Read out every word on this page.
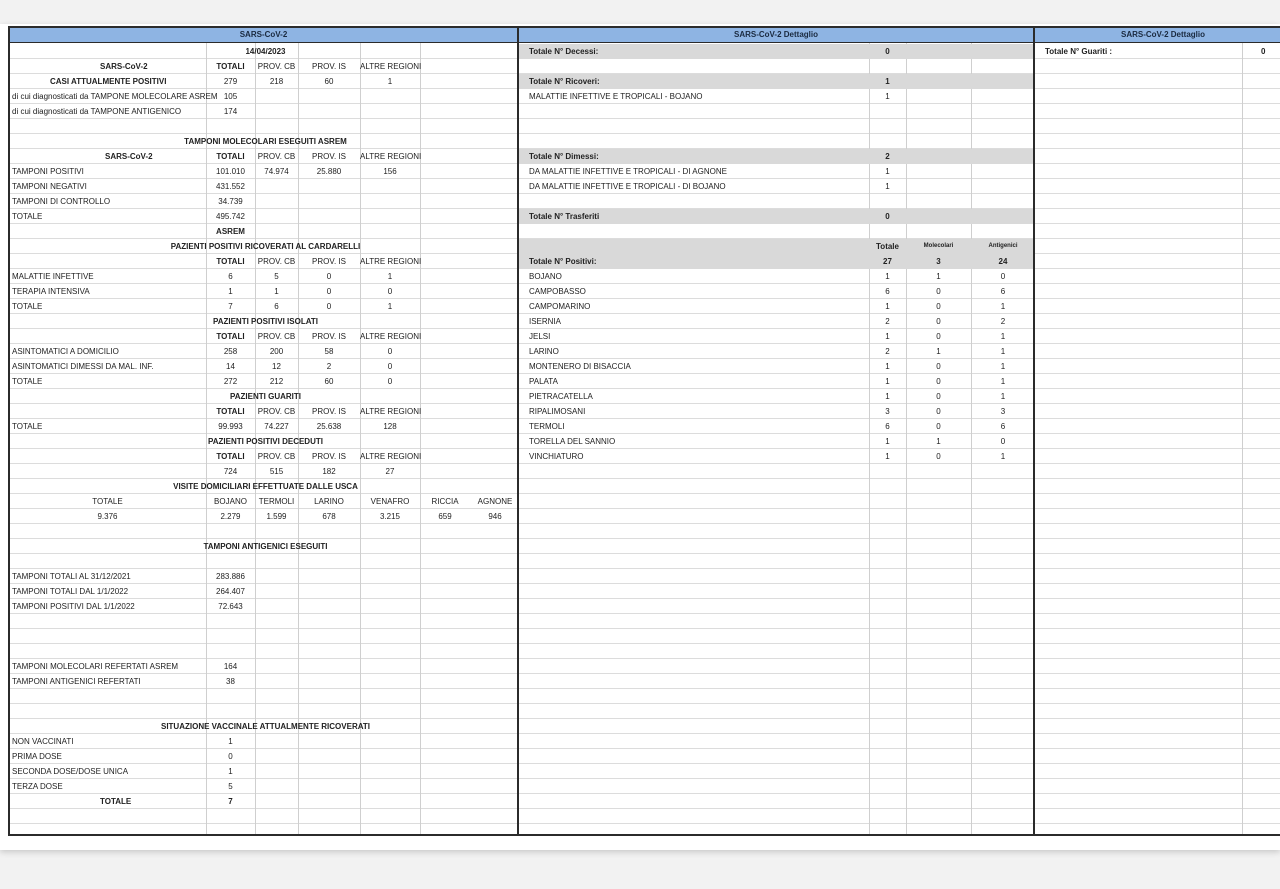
SARS-CoV-2
14/04/2023
SARS-CoV-2	TOTALI	PROV. CB	PROV. IS	ALTRE REGIONI
CASI ATTUALMENTE POSITIVI	279	218	60	1
di cui diagnosticati da TAMPONE MOLECOLARE ASREM 105
di cui diagnosticati da TAMPONE ANTIGENICO	174
TAMPONI MOLECOLARI ESEGUITI ASREM
SARS-CoV-2	TOTALI	PROV. CB	PROV. IS	ALTRE REGIONI
TAMPONI POSITIVI	101.010	74.974	25.880	156
TAMPONI NEGATIVI	431.552
TAMPONI DI CONTROLLO	34.739
TOTALE	495.742
ASREM
PAZIENTI POSITIVI RICOVERATI AL CARDARELLI
TOTALI	PROV. CB	PROV. IS	ALTRE REGIONI
MALATTIE INFETTIVE	6	5	0	1
TERAPIA INTENSIVA	1	1	0	0
TOTALE	7	6	0	1
PAZIENTI POSITIVI ISOLATI
TOTALI	PROV. CB	PROV. IS	ALTRE REGIONI
ASINTOMATICI A DOMICILIO	258	200	58	0
ASINTOMATICI DIMESSI DA MAL. INF.	14	12	2	0
TOTALE	272	212	60	0
PAZIENTI GUARITI
TOTALI	PROV. CB	PROV. IS	ALTRE REGIONI
TOTALE	99.993	74.227	25.638	128
PAZIENTI POSITIVI DECEDUTI
TOTALI	PROV. CB	PROV. IS	ALTRE REGIONI
724	515	182	27
VISITE DOMICILIARI EFFETTUATE DALLE USCA
TOTALE	BOJANO	TERMOLI	LARINO	VENAFRO	RICCIA	AGNONE
9.376	2.279	1.599	678	3.215	659	946
TAMPONI ANTIGENICI ESEGUITI
TAMPONI TOTALI AL 31/12/2021	283.886
TAMPONI TOTALI DAL 1/1/2022	264.407
TAMPONI POSITIVI DAL 1/1/2022	72.643
TAMPONI MOLECOLARI REFERTATI ASREM	164
TAMPONI ANTIGENICI REFERTATI	38
SITUAZIONE VACCINALE ATTUALMENTE RICOVERATI
NON VACCINATI	1
PRIMA DOSE	0
SECONDA DOSE/DOSE UNICA	1
TERZA DOSE	5
TOTALE	7
SARS-CoV-2 Dettaglio
Totale N° Decessi:	0
Totale N° Ricoveri:	1
MALATTIE INFETTIVE E TROPICALI - BOJANO	1
Totale N° Dimessi:	2
DA MALATTIE INFETTIVE E TROPICALI - DI AGNONE	1
DA MALATTIE INFETTIVE E TROPICALI - DI BOJANO	1
Totale N° Trasferiti	0
Totale	Molecolari	Antigenici
Totale N° Positivi:	27	3	24
BOJANO	1	1	0
CAMPOBASSO	6	0	6
CAMPOMARINO	1	0	1
ISERNIA	2	0	2
JELSI	1	0	1
LARINO	2	1	1
MONTENERO DI BISACCIA	1	0	1
PALATA	1	0	1
PIETRACATELLA	1	0	1
RIPALIMOSANI	3	0	3
TERMOLI	6	0	6
TORELLA DEL SANNIO	1	1	0
VINCHIATURO	1	0	1
SARS-CoV-2 Dettaglio
Totale N° Guariti :	0
